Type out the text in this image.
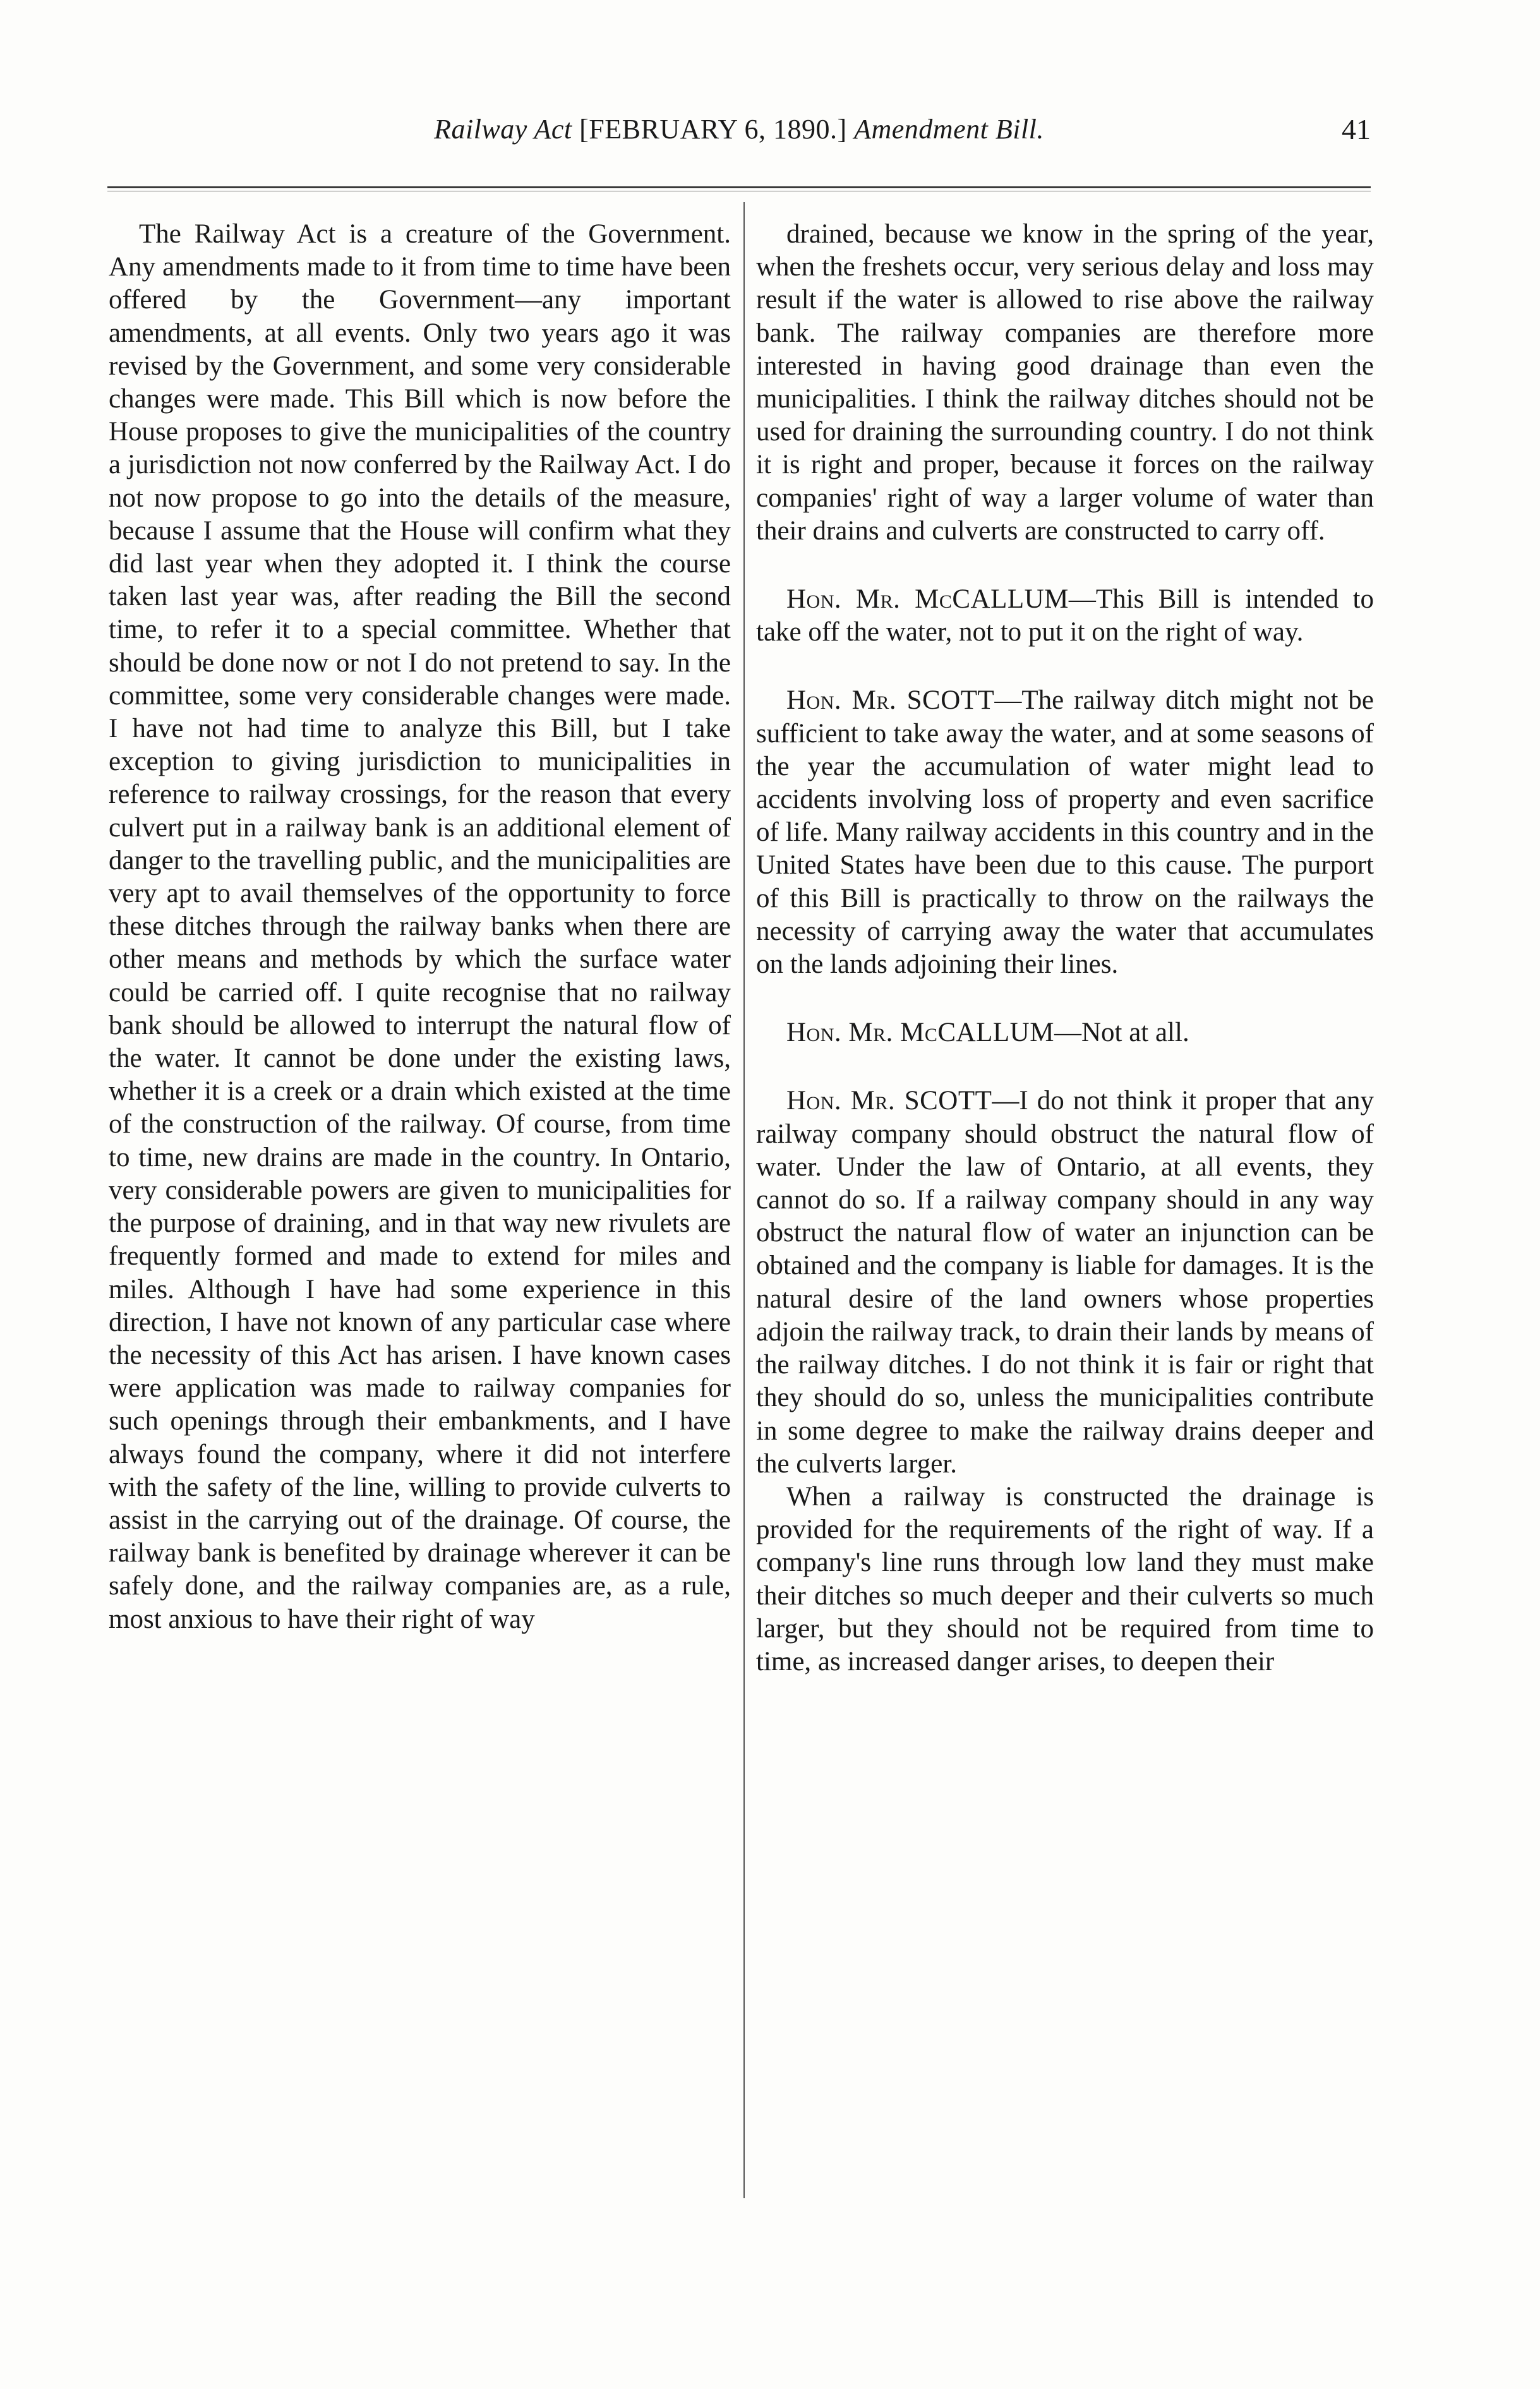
Railway Act [FEBRUARY 6, 1890.] Amendment Bill.	41

The Railway Act is a creature of the Government. Any amendments made to it from time to time have been offered by the Government—any important amendments, at all events. Only two years ago it was revised by the Government, and some very considerable changes were made. This Bill which is now before the House proposes to give the municipalities of the country a jurisdiction not now conferred by the Railway Act. I do not now propose to go into the details of the measure, because I assume that the House will confirm what they did last year when they adopted it. I think the course taken last year was, after reading the Bill the second time, to refer it to a special committee. Whether that should be done now or not I do not pretend to say. In the committee, some very considerable changes were made. I have not had time to analyze this Bill, but I take exception to giving jurisdiction to municipalities in reference to railway crossings, for the reason that every culvert put in a railway bank is an additional element of danger to the travelling public, and the municipalities are very apt to avail themselves of the opportunity to force these ditches through the railway banks when there are other means and methods by which the surface water could be carried off. I quite recognise that no railway bank should be allowed to interrupt the natural flow of the water. It cannot be done under the existing laws, whether it is a creek or a drain which existed at the time of the construction of the railway. Of course, from time to time, new drains are made in the country. In Ontario, very considerable powers are given to municipalities for the purpose of draining, and in that way new rivulets are frequently formed and made to extend for miles and miles. Although I have had some experience in this direction, I have not known of any particular case where the necessity of this Act has arisen. I have known cases were application was made to railway companies for such openings through their embankments, and I have always found the company, where it did not interfere with the safety of the line, willing to provide culverts to assist in the carrying out of the drainage. Of course, the railway bank is benefited by drainage wherever it can be safely done, and the railway companies are, as a rule, most anxious to have their right of way

drained, because we know in the spring of the year, when the freshets occur, very serious delay and loss may result if the water is allowed to rise above the railway bank. The railway companies are therefore more interested in having good drainage than even the municipalities. I think the railway ditches should not be used for draining the surrounding country. I do not think it is right and proper, because it forces on the railway companies' right of way a larger volume of water than their drains and culverts are constructed to carry off.

Hon. Mr. McCALLUM—This Bill is intended to take off the water, not to put it on the right of way.

Hon. Mr. SCOTT—The railway ditch might not be sufficient to take away the water, and at some seasons of the year the accumulation of water might lead to accidents involving loss of property and even sacrifice of life. Many railway accidents in this country and in the United States have been due to this cause. The purport of this Bill is practically to throw on the railways the necessity of carrying away the water that accumulates on the lands adjoining their lines.

Hon. Mr. McCALLUM—Not at all.

Hon. Mr. SCOTT—I do not think it proper that any railway company should obstruct the natural flow of water. Under the law of Ontario, at all events, they cannot do so. If a railway company should in any way obstruct the natural flow of water an injunction can be obtained and the company is liable for damages. It is the natural desire of the land owners whose properties adjoin the railway track, to drain their lands by means of the railway ditches. I do not think it is fair or right that they should do so, unless the municipalities contribute in some degree to make the railway drains deeper and the culverts larger.

When a railway is constructed the drainage is provided for the requirements of the right of way. If a company's line runs through low land they must make their ditches so much deeper and their culverts so much larger, but they should not be required from time to time, as increased danger arises, to deepen their
